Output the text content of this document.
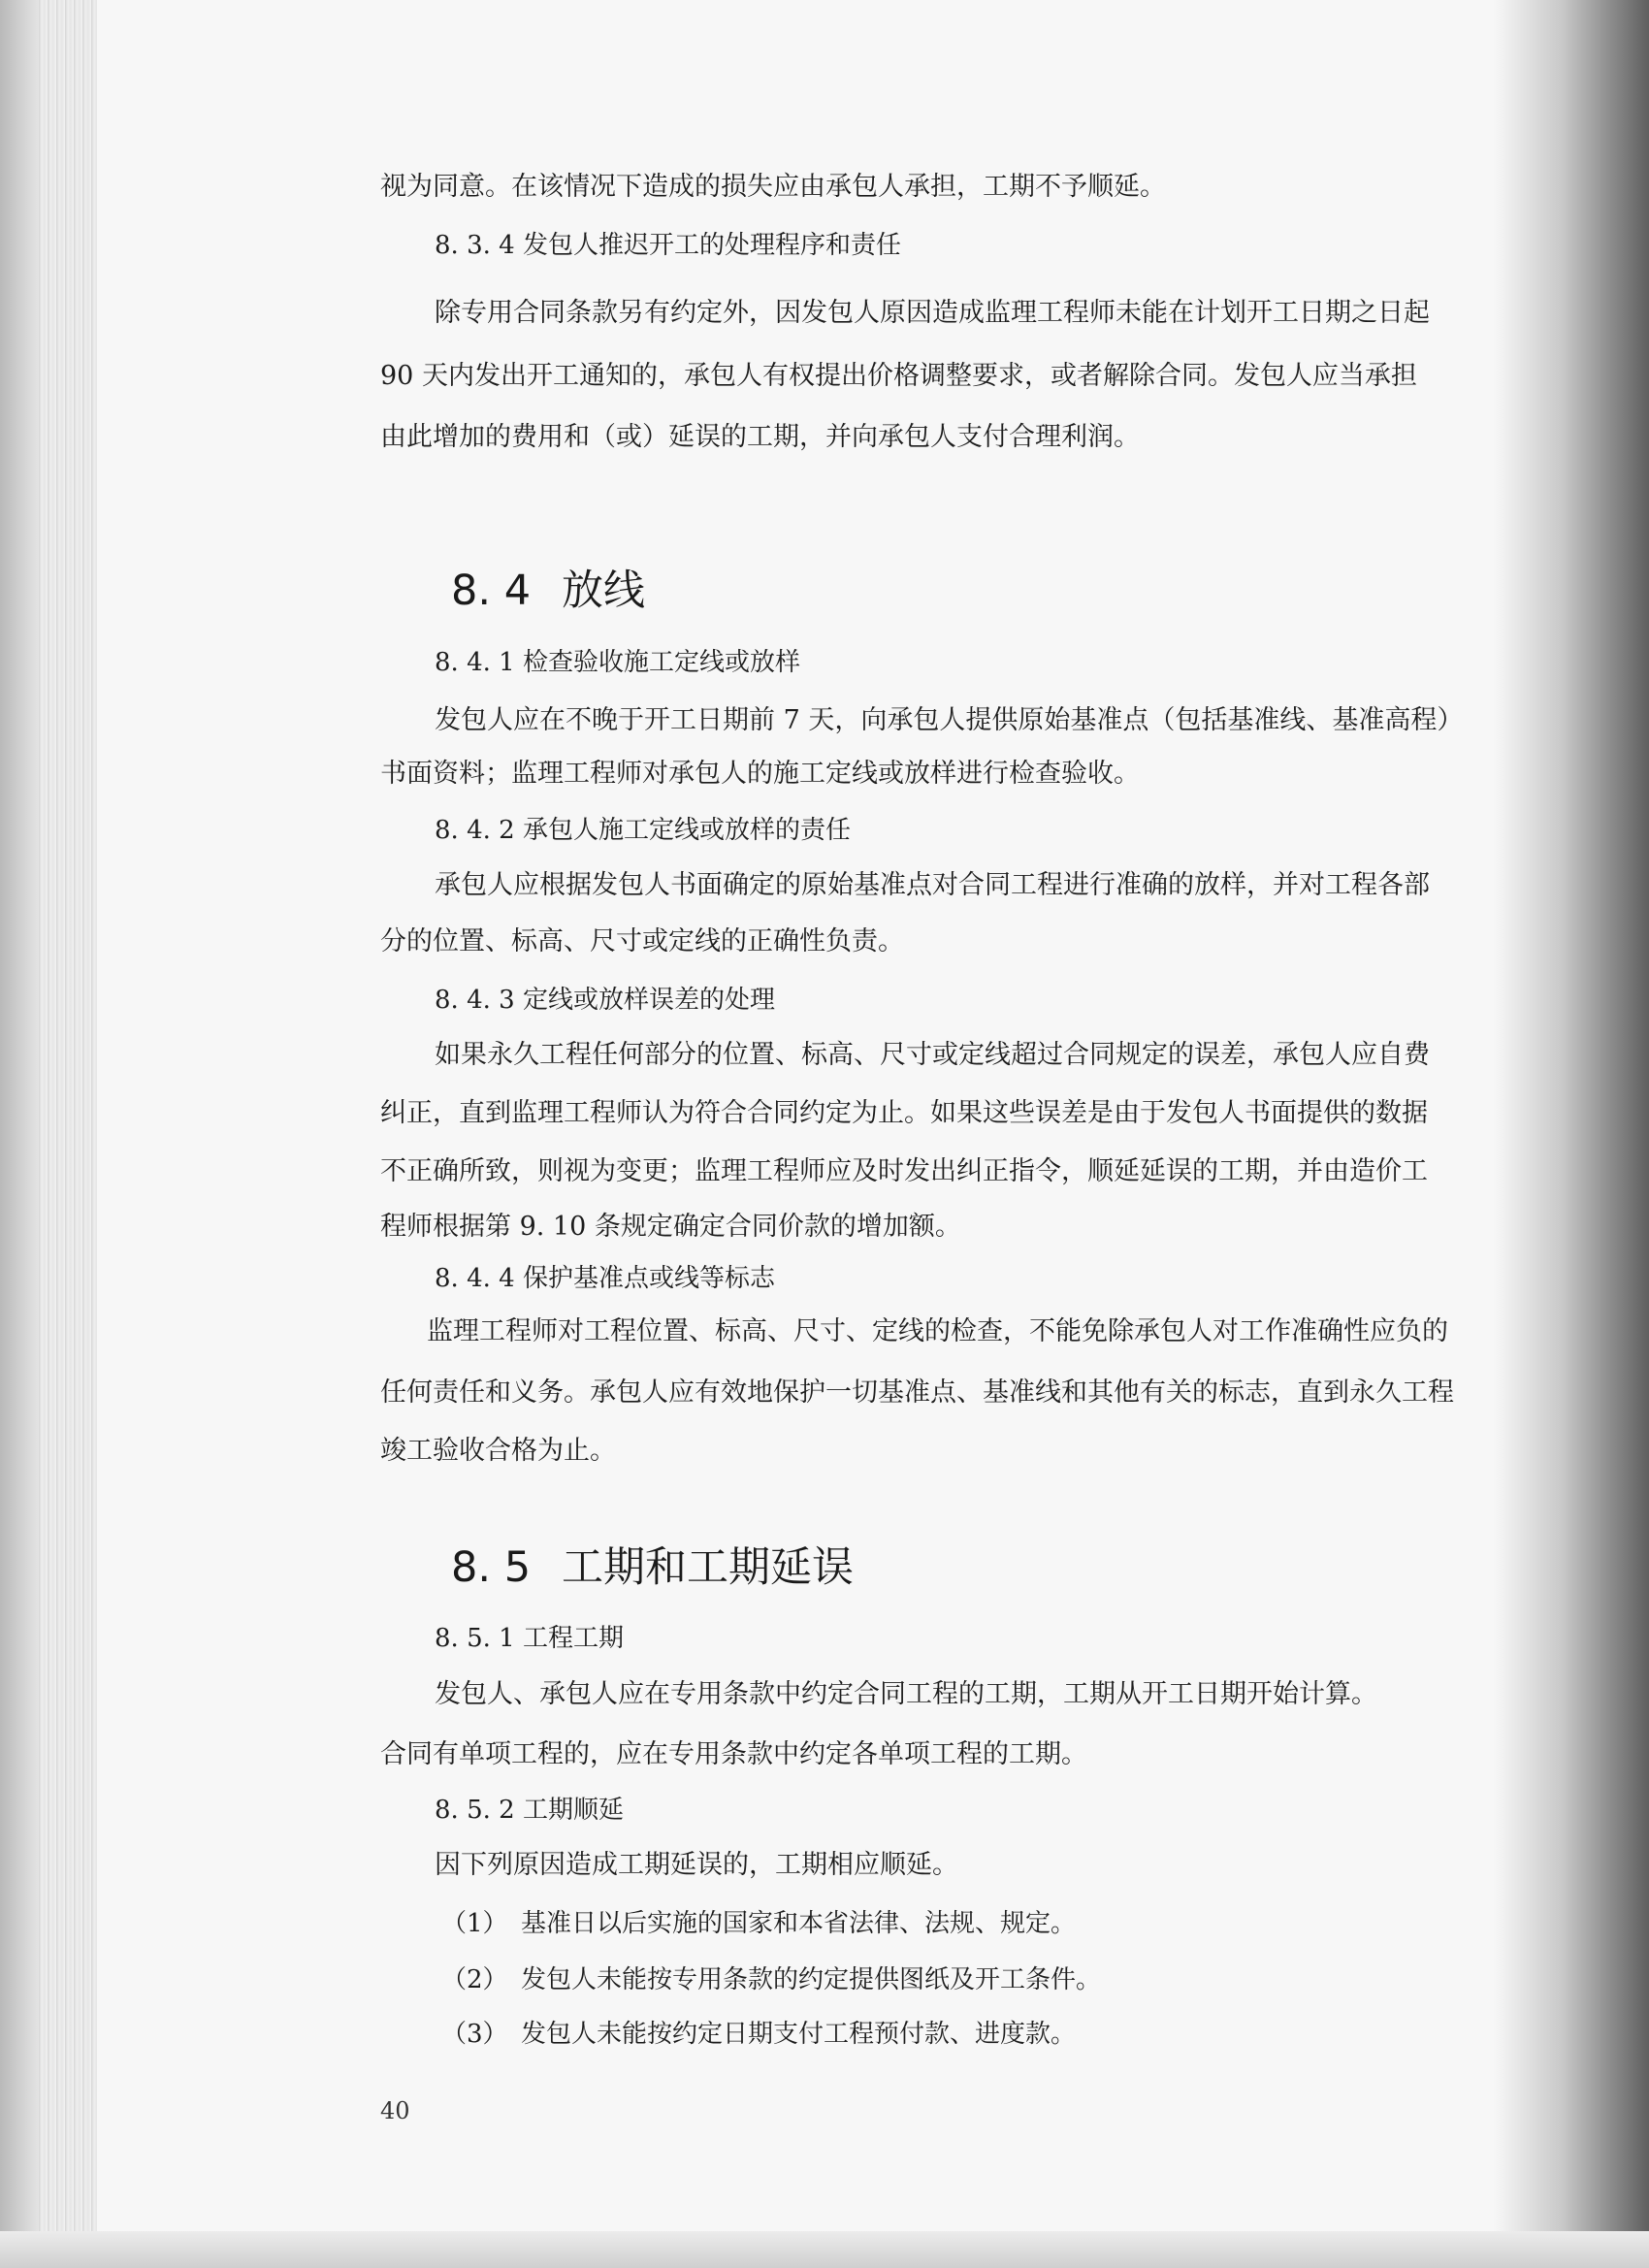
视为同意。在该情况下造成的损失应由承包人承担，工期不予顺延。
8. 3. 4 发包人推迟开工的处理程序和责任
除专用合同条款另有约定外，因发包人原因造成监理工程师未能在计划开工日期之日起
90 天内发出开工通知的，承包人有权提出价格调整要求，或者解除合同。发包人应当承担
由此增加的费用和（或）延误的工期，并向承包人支付合理利润。
8. 4 放线
8. 4. 1 检查验收施工定线或放样
发包人应在不晚于开工日期前 7 天，向承包人提供原始基准点（包括基准线、基准高程）
书面资料；监理工程师对承包人的施工定线或放样进行检查验收。
8. 4. 2 承包人施工定线或放样的责任
承包人应根据发包人书面确定的原始基准点对合同工程进行准确的放样，并对工程各部
分的位置、标高、尺寸或定线的正确性负责。
8. 4. 3 定线或放样误差的处理
如果永久工程任何部分的位置、标高、尺寸或定线超过合同规定的误差，承包人应自费
纠正，直到监理工程师认为符合合同约定为止。如果这些误差是由于发包人书面提供的数据
不正确所致，则视为变更；监理工程师应及时发出纠正指令，顺延延误的工期，并由造价工
程师根据第 9. 10 条规定确定合同价款的增加额。
8. 4. 4 保护基准点或线等标志
监理工程师对工程位置、标高、尺寸、定线的检查，不能免除承包人对工作准确性应负的
任何责任和义务。承包人应有效地保护一切基准点、基准线和其他有关的标志，直到永久工程
竣工验收合格为止。
8. 5 工期和工期延误
8. 5. 1 工程工期
发包人、承包人应在专用条款中约定合同工程的工期，工期从开工日期开始计算。
合同有单项工程的，应在专用条款中约定各单项工程的工期。
8. 5. 2 工期顺延
因下列原因造成工期延误的，工期相应顺延。
（1） 基准日以后实施的国家和本省法律、法规、规定。
（2） 发包人未能按专用条款的约定提供图纸及开工条件。
（3） 发包人未能按约定日期支付工程预付款、进度款。
40
